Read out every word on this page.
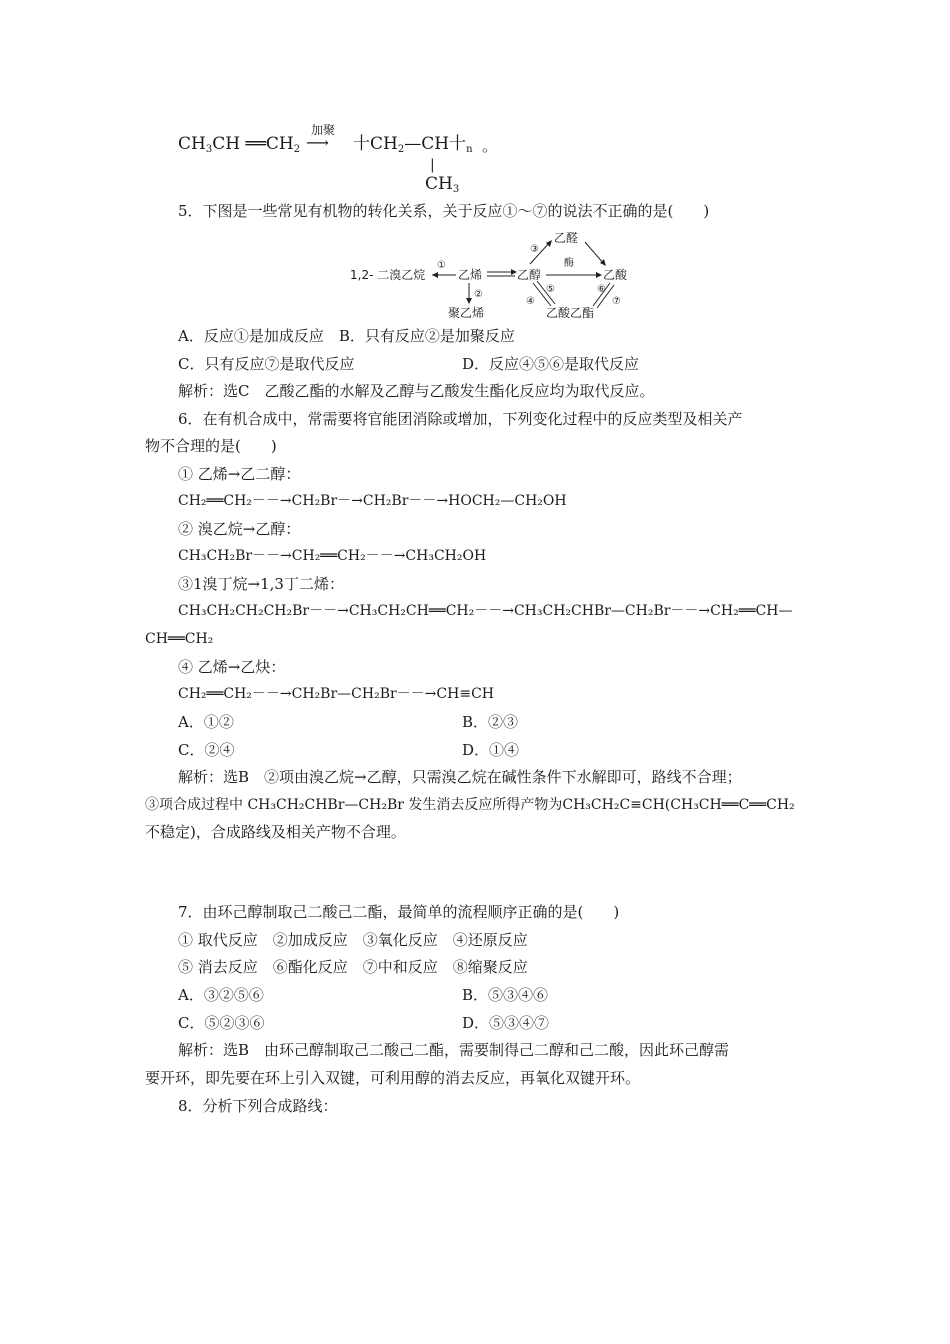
$CH_3CH$ $══CH_2$
加聚
⟶ ⼗$CH_2—CH$⼗$_n$
|
$CH_3$
。
5．下图是一些常见有机物的转化关系，关于反应①～⑦的说法不正确的是(　　)
1,2- 二溴乙烷
①
乙烯
②
聚乙烯
乙醇
乙醛
③
酶
乙酸
乙酸乙酯
④
⑤	⑥
⑦
A．反应①是加成反应　B．只有反应②是加聚反应
C．只有反应⑦是取代反应	D．反应④⑤⑥是取代反应
解析：选C　乙酸乙酯的水解及乙醇与乙酸发生酯化反应均为取代反应。
6．在有机合成中，常需要将官能团消除或增加，下列变化过程中的反应类型及相关产
物不合理的是(　　)
① 乙烯→乙二醇：
CH₂══CH₂－－→CH₂Br－→CH₂Br－－→HOCH₂—CH₂OH
② 溴乙烷→乙醇：
CH₃CH₂Br－－→CH₂══CH₂－－→CH₃CH₂OH
③1溴丁烷→1,3丁二烯：
CH₃CH₂CH₂CH₂Br－－→CH₃CH₂CH══CH₂－－→CH₃CH₂CHBr—CH₂Br－－→CH₂══CH—
CH══CH₂
④ 乙烯→乙炔：
CH₂══CH₂－－→CH₂Br—CH₂Br－－→CH≡CH
A．①②	B．②③
C．②④	D．①④
解析：选B　②项由溴乙烷→乙醇，只需溴乙烷在碱性条件下水解即可，路线不合理；
③项合成过程中 CH₃CH₂CHBr—CH₂Br 发生消去反应所得产物为CH₃CH₂C≡CH(CH₃CH══C══CH₂
不稳定)，合成路线及相关产物不合理。
7．由环己醇制取己二酸己二酯，最简单的流程顺序正确的是(　　)
① 取代反应　②加成反应　③氧化反应　④还原反应
⑤ 消去反应　⑥酯化反应　⑦中和反应　⑧缩聚反应
A．③②⑤⑥	B．⑤③④⑥
C．⑤②③⑥	D．⑤③④⑦
解析：选B　由环己醇制取己二酸己二酯，需要制得己二醇和己二酸，因此环己醇需
要开环，即先要在环上引入双键，可利用醇的消去反应，再氧化双键开环。
8．分析下列合成路线：
